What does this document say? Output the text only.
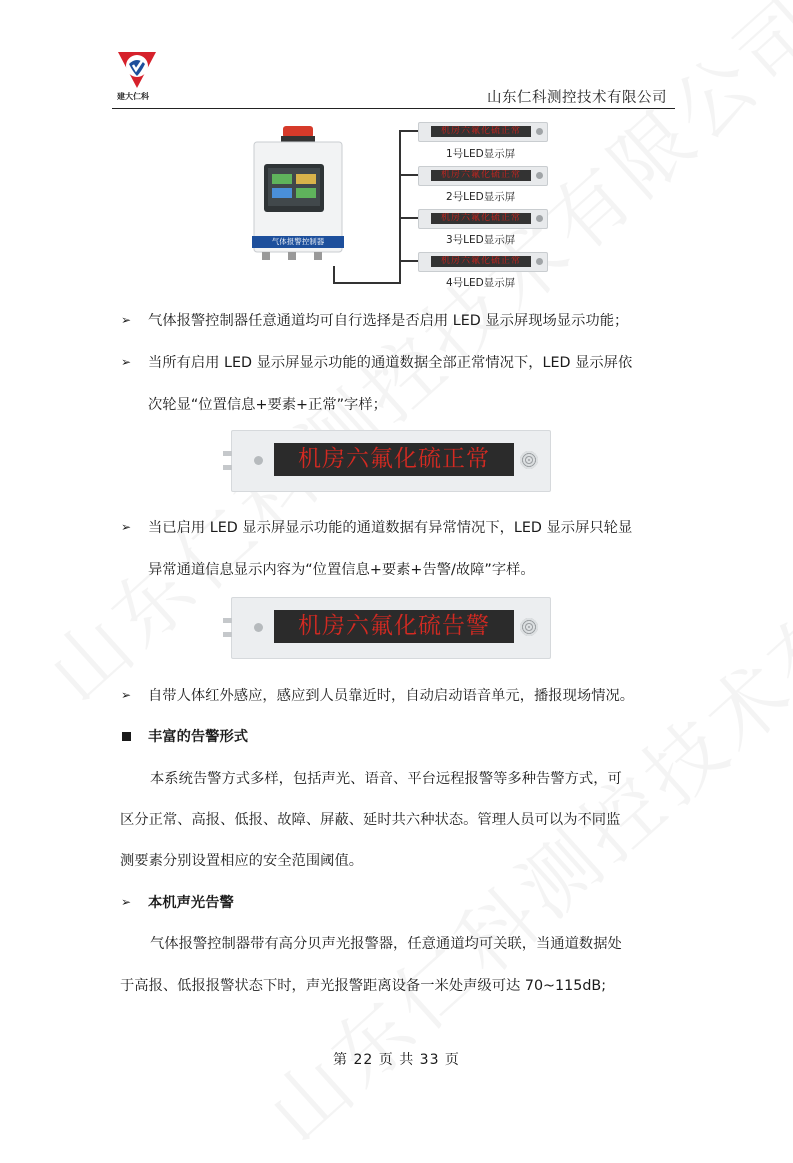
建大仁科	山东仁科测控技术有限公司
气体报警控制器
机房六氟化硫正常
1号LED显示屏
机房六氟化硫正常
2号LED显示屏
机房六氟化硫正常
3号LED显示屏
机房六氟化硫正常
4号LED显示屏
➢ 气体报警控制器任意通道均可自行选择是否启用 LED 显示屏现场显示功能；
➢ 当所有启用 LED 显示屏显示功能的通道数据全部正常情况下，LED 显示屏依
次轮显“位置信息+要素+正常”字样；
机房六氟化硫正常
➢ 当已启用 LED 显示屏显示功能的通道数据有异常情况下，LED 显示屏只轮显
异常通道信息显示内容为“位置信息+要素+告警/故障”字样。
机房六氟化硫告警
➢ 自带人体红外感应，感应到人员靠近时，自动启动语音单元，播报现场情况。
丰富的告警形式
本系统告警方式多样，包括声光、语音、平台远程报警等多种告警方式，可
区分正常、高报、低报、故障、屏蔽、延时共六种状态。管理人员可以为不同监
测要素分别设置相应的安全范围阈值。
➢ 本机声光告警
气体报警控制器带有高分贝声光报警器，任意通道均可关联，当通道数据处
于高报、低报报警状态下时，声光报警距离设备一米处声级可达 70~115dB;
第 22 页 共 33 页
